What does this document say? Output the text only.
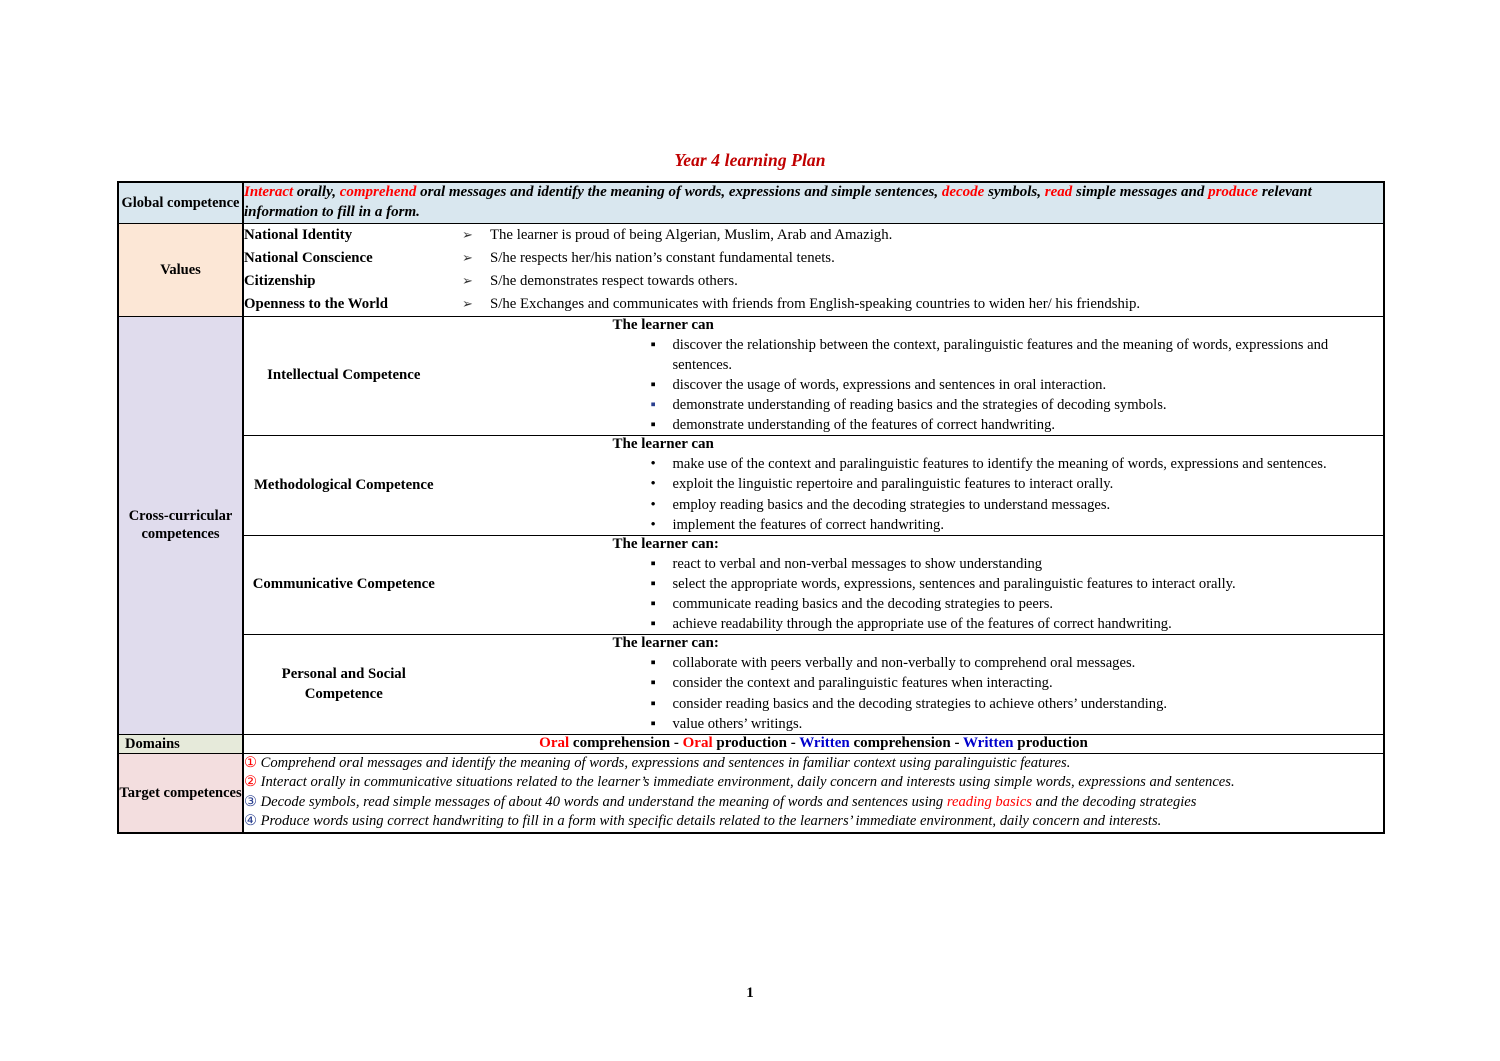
Year 4 learning Plan
Global competence	Interact orally, comprehend oral messages and identify the meaning of words, expressions and simple sentences, decode symbols, read simple messages and produce relevant information to fill in a form.
Values	
National Identity	➢ The learner is proud of being Algerian, Muslim, Arab and Amazigh.
National Conscience	➢ S/he respects her/his nation’s constant fundamental tenets.
Citizenship	➢ S/he demonstrates respect towards others.
Openness to the World	➢ S/he Exchanges and communicates with friends from English-speaking countries to widen her/ his friendship.

Cross-curricular competences	
Intellectual Competence	
The learner can
▪ discover the relationship between the context, paralinguistic features and the meaning of words, expressions and sentences.
▪ discover the usage of words, expressions and sentences in oral interaction.
▪ demonstrate understanding of reading basics and the strategies of decoding symbols.
▪ demonstrate understanding of the features of correct handwriting.

Methodological Competence	
The learner can
• make use of the context and paralinguistic features to identify the meaning of words, expressions and sentences.
• exploit the linguistic repertoire and paralinguistic features to interact orally.
• employ reading basics and the decoding strategies to understand messages.
• implement the features of correct handwriting.

Communicative Competence	
The learner can:
▪ react to verbal and non-verbal messages to show understanding
▪ select the appropriate words, expressions, sentences and paralinguistic features to interact orally.
▪ communicate reading basics and the decoding strategies to peers.
▪ achieve readability through the appropriate use of the features of correct handwriting.

Personal and Social Competence	
The learner can:
▪ collaborate with peers verbally and non-verbally to comprehend oral messages.
▪ consider the context and paralinguistic features when interacting.
▪ consider reading basics and the decoding strategies to achieve others’ understanding.
▪ value others’ writings.

Domains	Oral comprehension - Oral production - Written comprehension - Written production
Target competences	

① Comprehend oral messages and identify the meaning of words, expressions and sentences in familiar context using paralinguistic features.

② Interact orally in communicative situations related to the learner’s immediate environment, daily concern and interests using simple words, expressions and sentences.

③ Decode symbols, read simple messages of about 40 words and understand the meaning of words and sentences using reading basics and the decoding strategies

④ Produce words using correct handwriting to fill in a form with specific details related to the learners’ immediate environment, daily concern and interests.

1
